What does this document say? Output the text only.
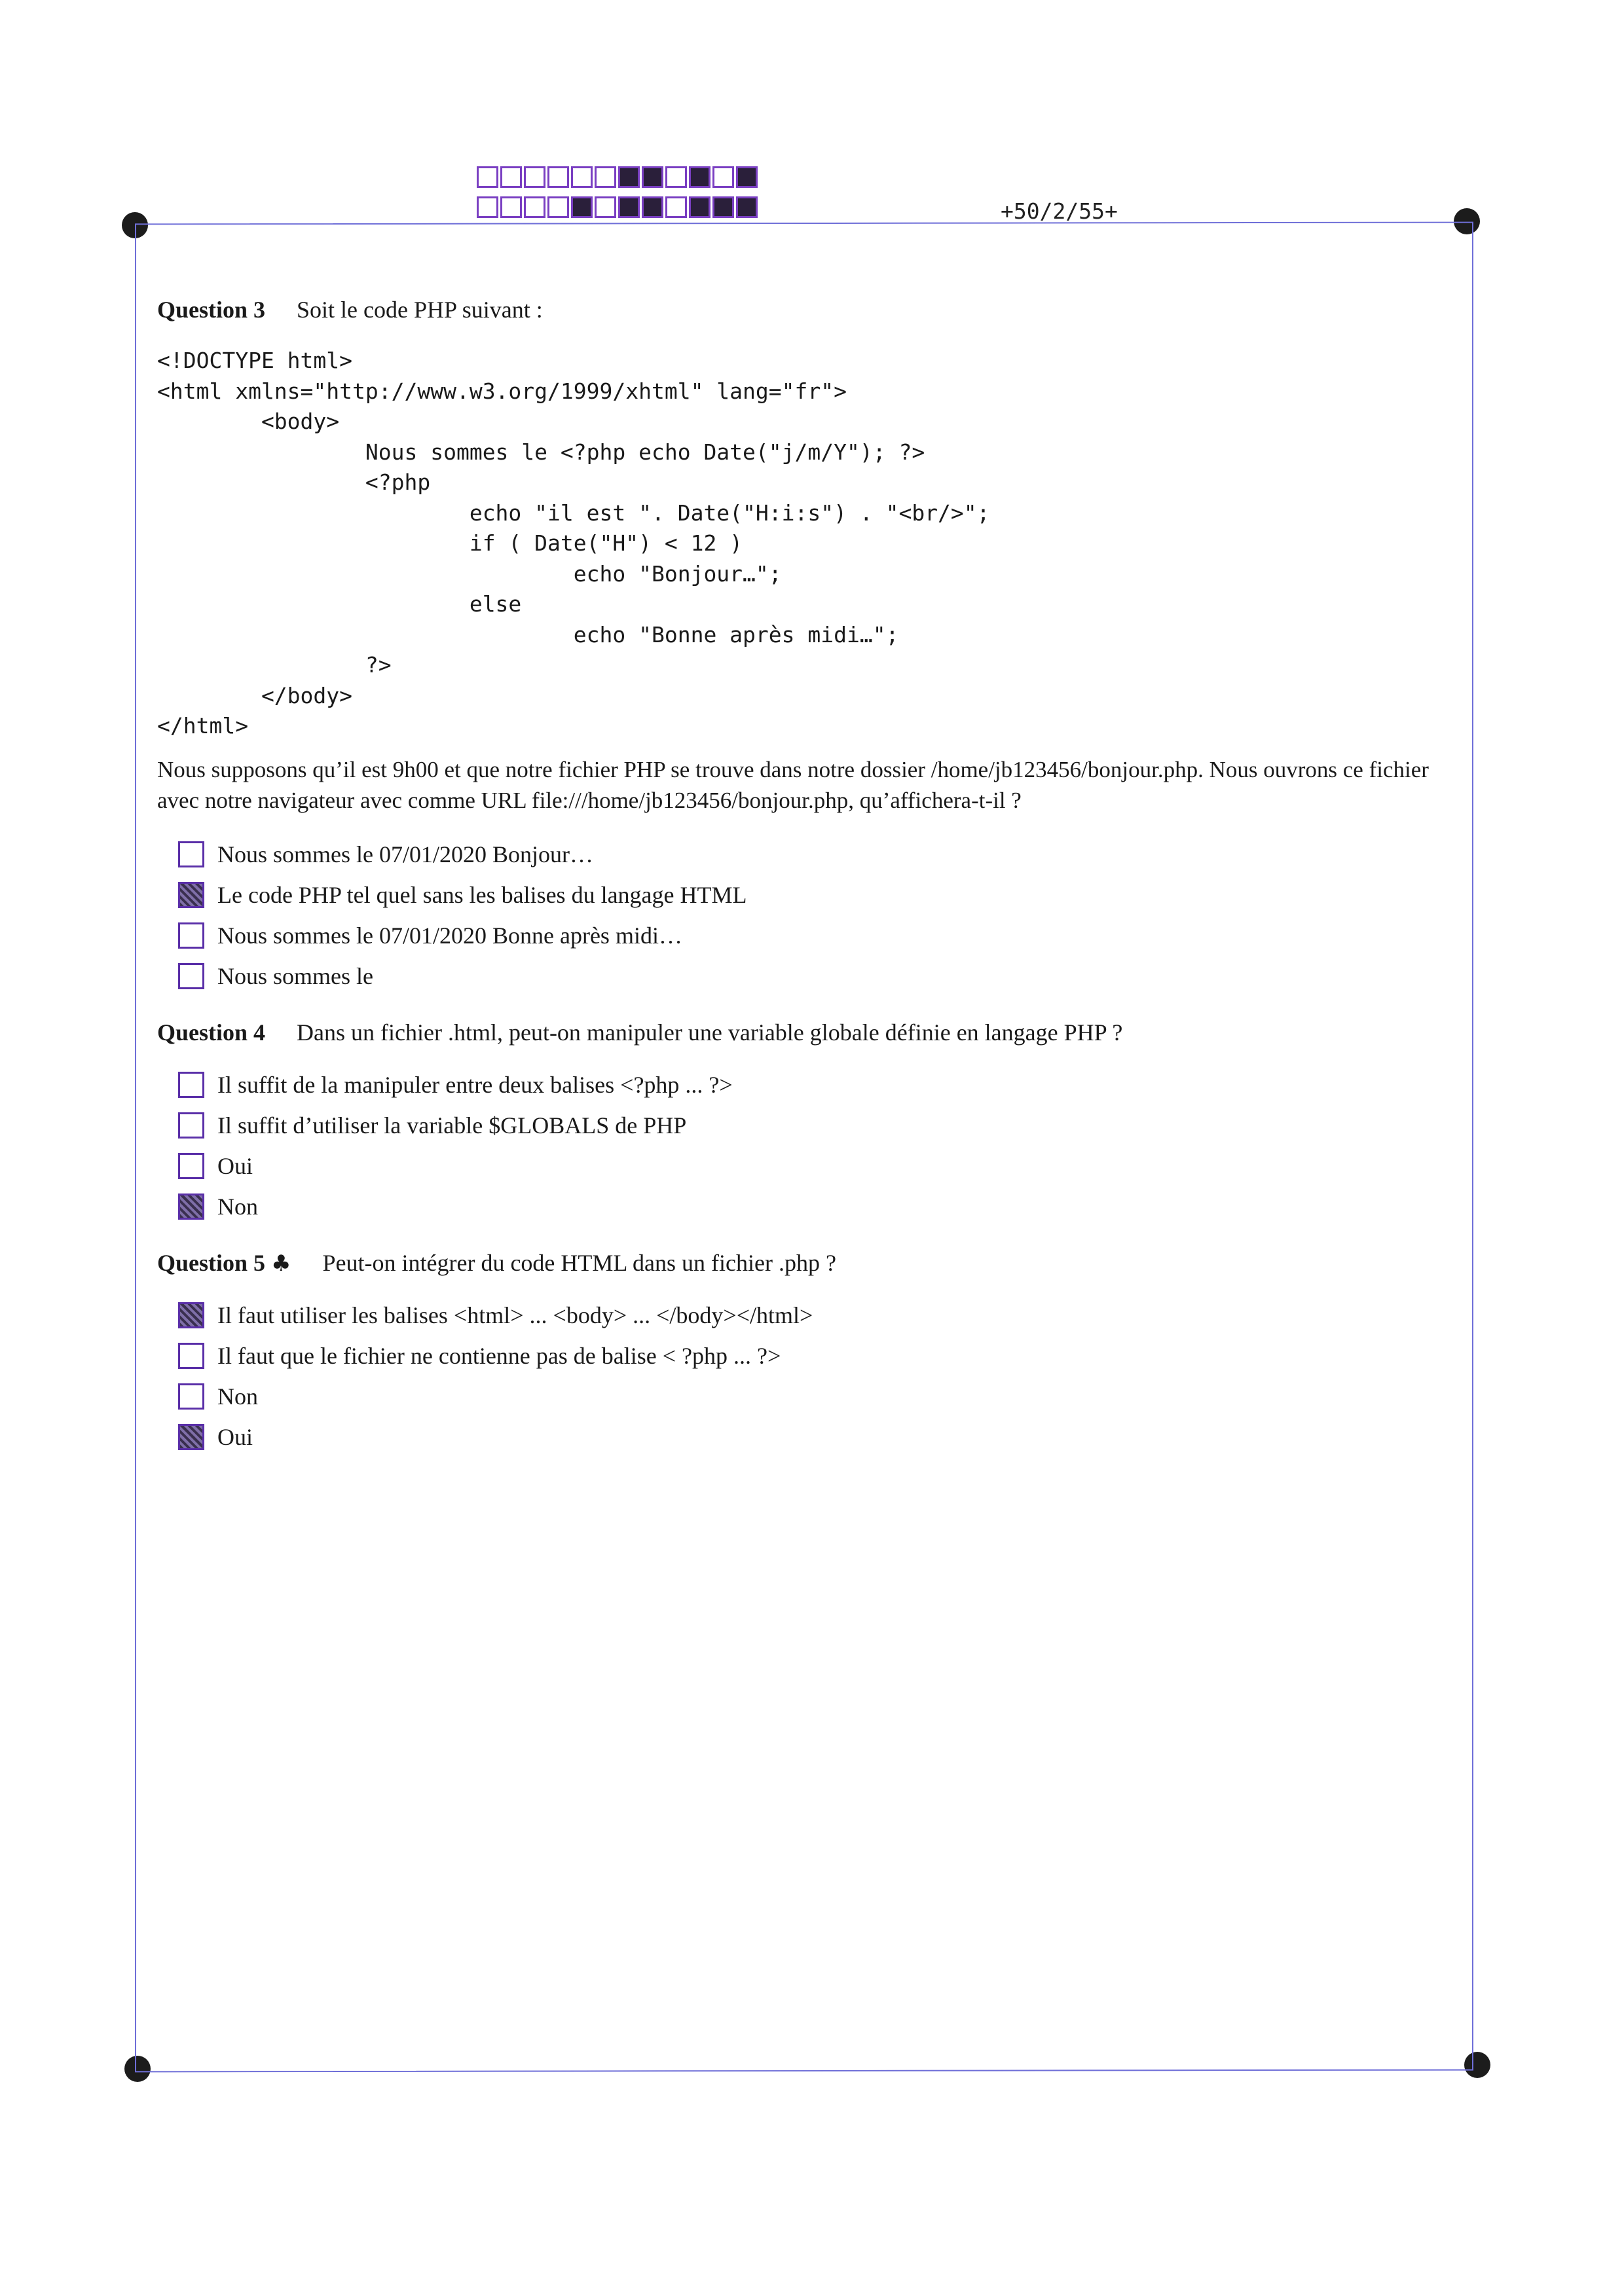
+50/2/55+
Question 3 Soit le code PHP suivant :
<!DOCTYPE html>
<html xmlns="http://www.w3.org/1999/xhtml" lang="fr">
<body>
Nous sommes le <?php echo Date("j/m/Y"); ?>
<?php
echo "il est ". Date("H:i:s") . "<br/>";
if ( Date("H") < 12 )
echo "Bonjour…";
else
echo "Bonne après midi…";
?>
</body>
</html>
Nous supposons qu’il est 9h00 et que notre fichier PHP se trouve dans notre dossier /home/jb123456/bonjour.php. Nous ouvrons ce fichier avec notre navigateur avec comme URL file:///home/jb123456/bonjour.php, qu’affichera-t-il ?
Nous sommes le 07/01/2020 Bonjour…
Le code PHP tel quel sans les balises du langage HTML
Nous sommes le 07/01/2020 Bonne après midi…
Nous sommes le
Question 4 Dans un fichier .html, peut-on manipuler une variable globale définie en langage PHP ?
Il suffit de la manipuler entre deux balises <?php ... ?>
Il suffit d’utiliser la variable $GLOBALS de PHP
Oui
Non
Question 5 ♣ Peut-on intégrer du code HTML dans un fichier .php ?
Il faut utiliser les balises <html> ... <body> ... </body></html>
Il faut que le fichier ne contienne pas de balise < ?php ... ?>
Non
Oui
